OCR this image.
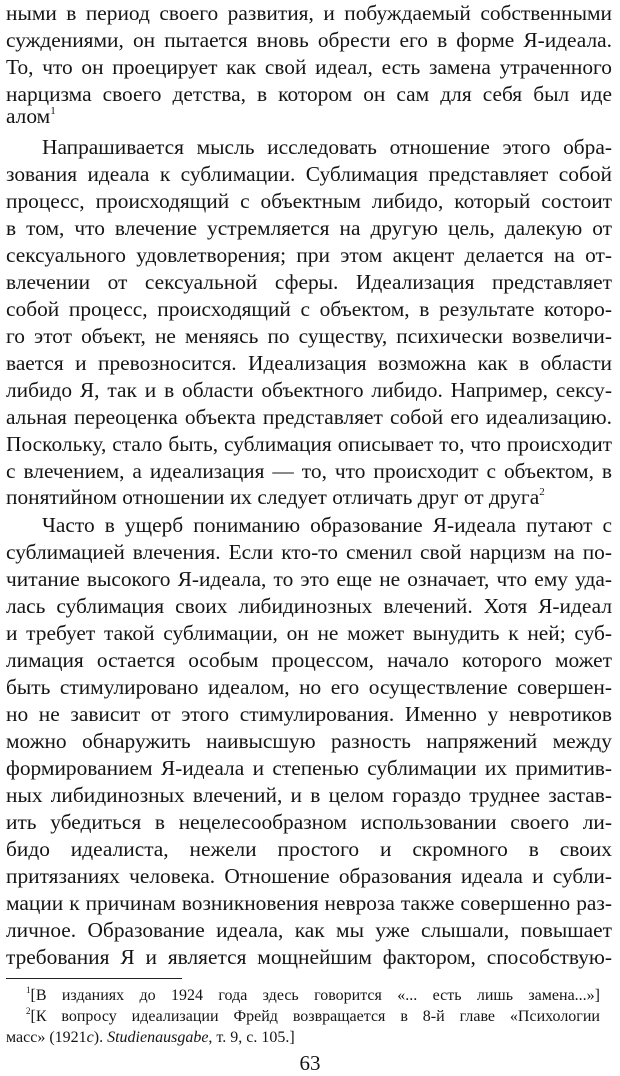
ными в период своего развития, и побуждаемый собственными
суждениями, он пытается вновь обрести его в форме Я-идеала.
То, что он проецирует как свой идеал, есть замена утраченного
нарцизма своего детства, в котором он сам для себя был иде
алом$^1$
Напрашивается мысль исследовать отношение этого обра-
зования идеала к сублимации. Сублимация представляет собой
процесс, происходящий с объектным либидо, который состоит
в том, что влечение устремляется на другую цель, далекую от
сексуального удовлетворения; при этом акцент делается на от-
влечении от сексуальной сферы. Идеализация представляет
собой процесс, происходящий с объектом, в результате которо-
го этот объект, не меняясь по существу, психически возвеличи-
вается и превозносится. Идеализация возможна как в области
либидо Я, так и в области объектного либидо. Например, сексу-
альная переоценка объекта представляет собой его идеализацию.
Поскольку, стало быть, сублимация описывает то, что происходит
с влечением, а идеализация — то, что происходит с объектом, в
понятийном отношении их следует отличать друг от друга$^2$
Часто в ущерб пониманию образование Я-идеала путают с
сублимацией влечения. Если кто-то сменил свой нарцизм на по-
читание высокого Я-идеала, то это еще не означает, что ему уда-
лась сублимация своих либидинозных влечений. Хотя Я-идеал
и требует такой сублимации, он не может вынудить к ней; суб-
лимация остается особым процессом, начало которого может
быть стимулировано идеалом, но его осуществление совершен-
но не зависит от этого стимулирования. Именно у невротиков
можно обнаружить наивысшую разность напряжений между
формированием Я-идеала и степенью сублимации их примитив-
ных либидинозных влечений, и в целом гораздо труднее застав-
ить убедиться в нецелесообразном использовании своего ли-
бидо идеалиста, нежели простого и скромного в своих
притязаниях человека. Отношение образования идеала и субли-
мации к причинам возникновения невроза также совершенно раз-
личное. Образование идеала, как мы уже слышали, повышает
требования Я и является мощнейшим фактором, способствую-
$^1$[В изданиях до 1924 года здесь говорится «... есть лишь замена...»]
$^2$[К вопросу идеализации Фрейд возвращается в 8-й главе «Психологии
масс» (1921c). Studienausgabe, т. 9, с. 105.]
63
